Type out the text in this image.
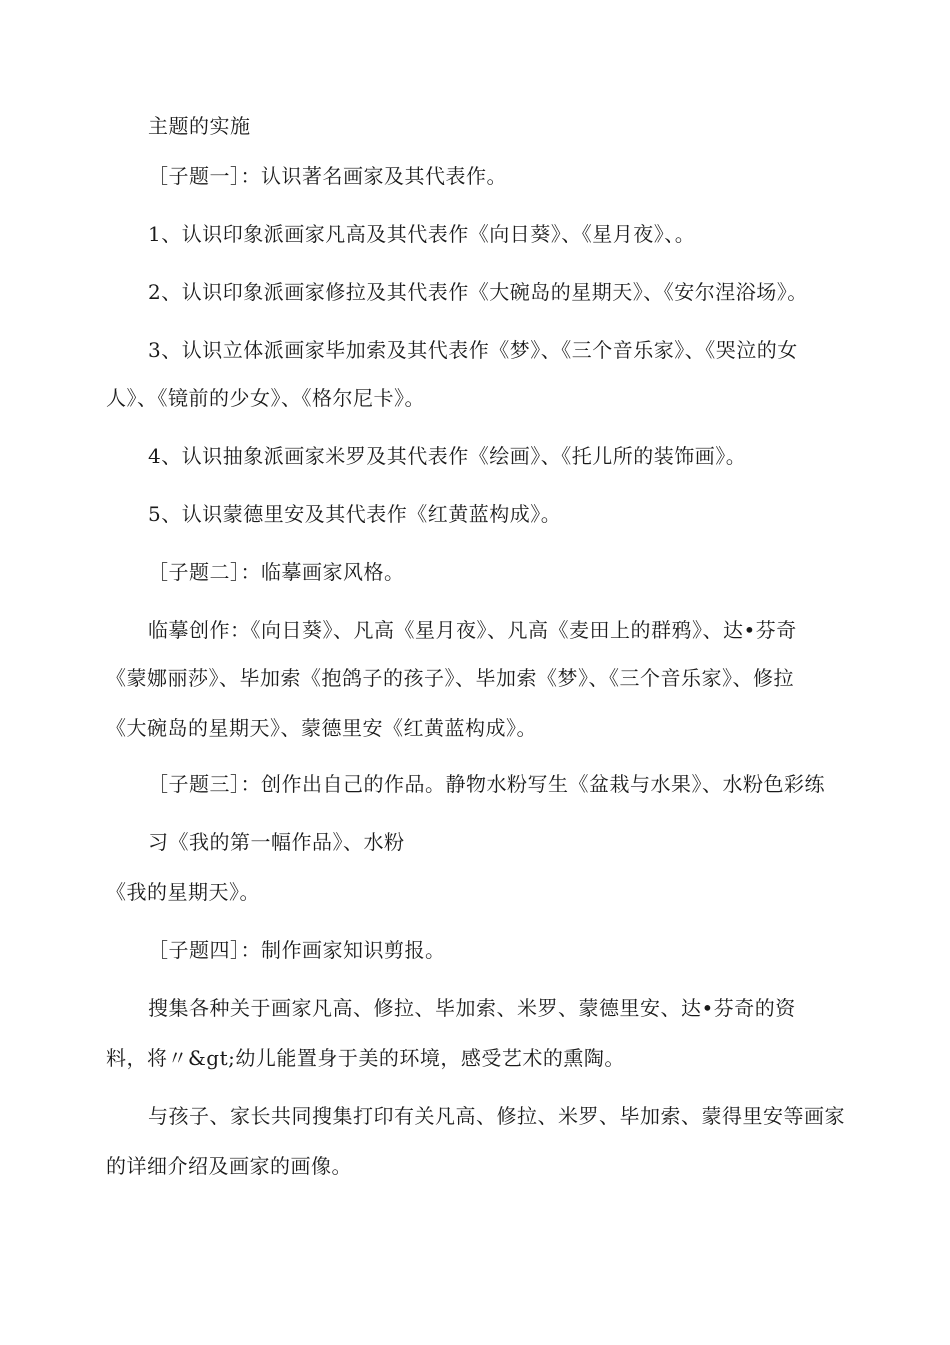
主题的实施
［子题一］：认识著名画家及其代表作。
1、认识印象派画家凡高及其代表作《向日葵》、《星月夜》、。
2、认识印象派画家修拉及其代表作《大碗岛的星期天》、《安尔涅浴场》。
3、认识立体派画家毕加索及其代表作《梦》、《三个音乐家》、《哭泣的女
人》、《镜前的少女》、《格尔尼卡》。
4、认识抽象派画家米罗及其代表作《绘画》、《托儿所的装饰画》。
5、认识蒙德里安及其代表作《红黄蓝构成》。
［子题二］：临摹画家风格。
临摹创作：《向日葵》、凡高《星月夜》、凡高《麦田上的群鸦》、达•芬奇
《蒙娜丽莎》、毕加索《抱鸽子的孩子》、毕加索《梦》、《三个音乐家》、修拉
《大碗岛的星期天》、蒙德里安《红黄蓝构成》。
［子题三］：创作出自己的作品。静物水粉写生《盆栽与水果》、水粉色彩练
习《我的第一幅作品》、水粉
《我的星期天》。
［子题四］：制作画家知识剪报。
搜集各种关于画家凡高、修拉、毕加索、米罗、蒙德里安、达•芬奇的资
料，将〃&gt;幼儿能置身于美的环境，感受艺术的熏陶。
与孩子、家长共同搜集打印有关凡高、修拉、米罗、毕加索、蒙得里安等画家
的详细介绍及画家的画像。
